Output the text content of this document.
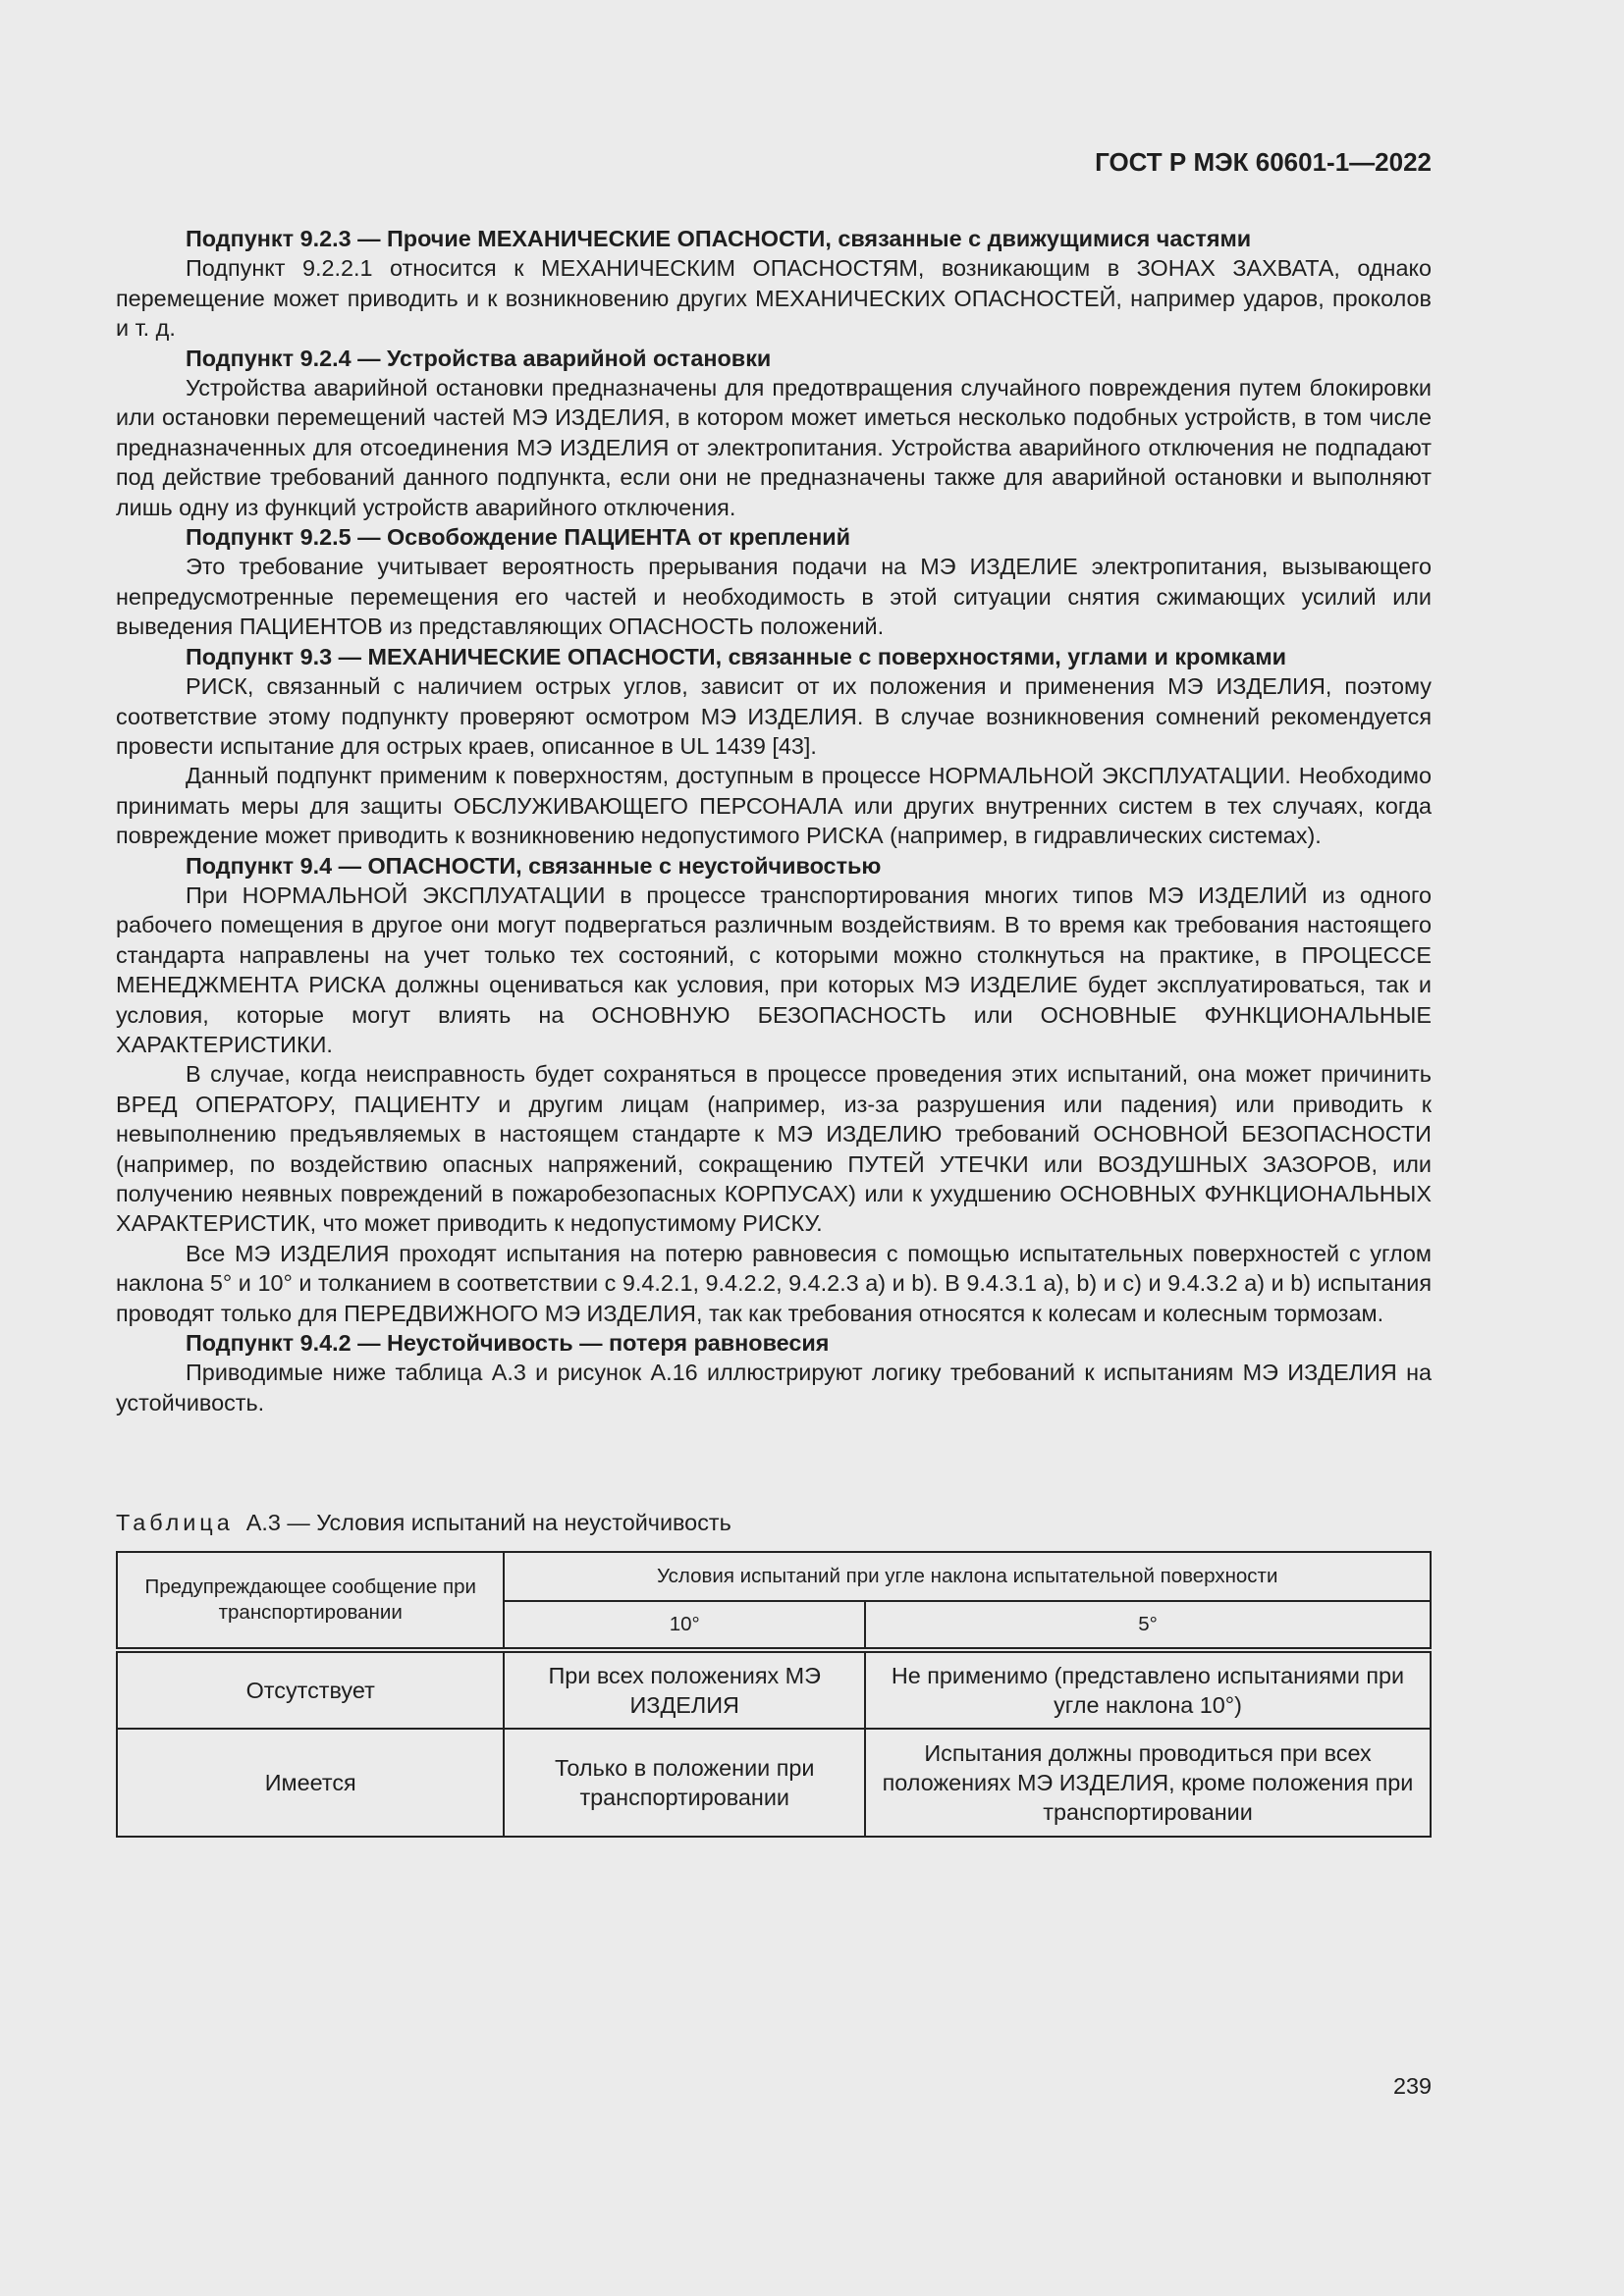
ГОСТ Р МЭК 60601-1—2022

Подпункт 9.2.3 — Прочие МЕХАНИЧЕСКИЕ ОПАСНОСТИ, связанные с движущимися частями

Подпункт 9.2.2.1 относится к МЕХАНИЧЕСКИМ ОПАСНОСТЯМ, возникающим в ЗОНАХ ЗАХВАТА, однако перемещение может приводить и к возникновению других МЕХАНИЧЕСКИХ ОПАСНОСТЕЙ, например ударов, проколов и т. д.

Подпункт 9.2.4 — Устройства аварийной остановки

Устройства аварийной остановки предназначены для предотвращения случайного повреждения путем блокировки или остановки перемещений частей МЭ ИЗДЕЛИЯ, в котором может иметься несколько подобных устройств, в том числе предназначенных для отсоединения МЭ ИЗДЕЛИЯ от электропитания. Устройства аварийного отключения не подпадают под действие требований данного подпункта, если они не предназначены также для аварийной остановки и выполняют лишь одну из функций устройств аварийного отключения.

Подпункт 9.2.5 — Освобождение ПАЦИЕНТА от креплений

Это требование учитывает вероятность прерывания подачи на МЭ ИЗДЕЛИЕ электропитания, вызывающего непредусмотренные перемещения его частей и необходимость в этой ситуации снятия сжимающих усилий или выведения ПАЦИЕНТОВ из представляющих ОПАСНОСТЬ положений.

Подпункт 9.3 — МЕХАНИЧЕСКИЕ ОПАСНОСТИ, связанные с поверхностями, углами и кромками

РИСК, связанный с наличием острых углов, зависит от их положения и применения МЭ ИЗДЕЛИЯ, поэтому соответствие этому подпункту проверяют осмотром МЭ ИЗДЕЛИЯ. В случае возникновения сомнений рекомендуется провести испытание для острых краев, описанное в UL 1439 [43].

Данный подпункт применим к поверхностям, доступным в процессе НОРМАЛЬНОЙ ЭКСПЛУАТАЦИИ. Необходимо принимать меры для защиты ОБСЛУЖИВАЮЩЕГО ПЕРСОНАЛА или других внутренних систем в тех случаях, когда повреждение может приводить к возникновению недопустимого РИСКА (например, в гидравлических системах).

Подпункт 9.4 — ОПАСНОСТИ, связанные с неустойчивостью

При НОРМАЛЬНОЙ ЭКСПЛУАТАЦИИ в процессе транспортирования многих типов МЭ ИЗДЕЛИЙ из одного рабочего помещения в другое они могут подвергаться различным воздействиям. В то время как требования настоящего стандарта направлены на учет только тех состояний, с которыми можно столкнуться на практике, в ПРОЦЕССЕ МЕНЕДЖМЕНТА РИСКА должны оцениваться как условия, при которых МЭ ИЗДЕЛИЕ будет эксплуатироваться, так и условия, которые могут влиять на ОСНОВНУЮ БЕЗОПАСНОСТЬ или ОСНОВНЫЕ ФУНКЦИОНАЛЬНЫЕ ХАРАКТЕРИСТИКИ.

В случае, когда неисправность будет сохраняться в процессе проведения этих испытаний, она может причинить ВРЕД ОПЕРАТОРУ, ПАЦИЕНТУ и другим лицам (например, из-за разрушения или падения) или приводить к невыполнению предъявляемых в настоящем стандарте к МЭ ИЗДЕЛИЮ требований ОСНОВНОЙ БЕЗОПАСНОСТИ (например, по воздействию опасных напряжений, сокращению ПУТЕЙ УТЕЧКИ или ВОЗДУШНЫХ ЗАЗОРОВ, или получению неявных повреждений в пожаробезопасных КОРПУСАХ) или к ухудшению ОСНОВНЫХ ФУНКЦИОНАЛЬНЫХ ХАРАКТЕРИСТИК, что может приводить к недопустимому РИСКУ.

Все МЭ ИЗДЕЛИЯ проходят испытания на потерю равновесия с помощью испытательных поверхностей с углом наклона 5° и 10° и толканием в соответствии с 9.4.2.1, 9.4.2.2, 9.4.2.3 a) и b). В 9.4.3.1 a), b) и c) и 9.4.3.2 a) и b) испытания проводят только для ПЕРЕДВИЖНОГО МЭ ИЗДЕЛИЯ, так как требования относятся к колесам и колесным тормозам.

Подпункт 9.4.2 — Неустойчивость — потеря равновесия

Приводимые ниже таблица А.3 и рисунок А.16 иллюстрируют логику требований к испытаниям МЭ ИЗДЕЛИЯ на устойчивость.

Таблица А.3 — Условия испытаний на неустойчивость
Предупреждающее сообщение при транспортировании	Условия испытаний при угле наклона испытательной поверхности	
	10°	5°
Отсутствует	При всех положениях МЭ ИЗДЕЛИЯ	Не применимо (представлено испытаниями при угле наклона 10°)
Имеется	Только в положении при транспортировании	Испытания должны проводиться при всех положениях МЭ ИЗДЕЛИЯ, кроме положения при транспортировании
239
